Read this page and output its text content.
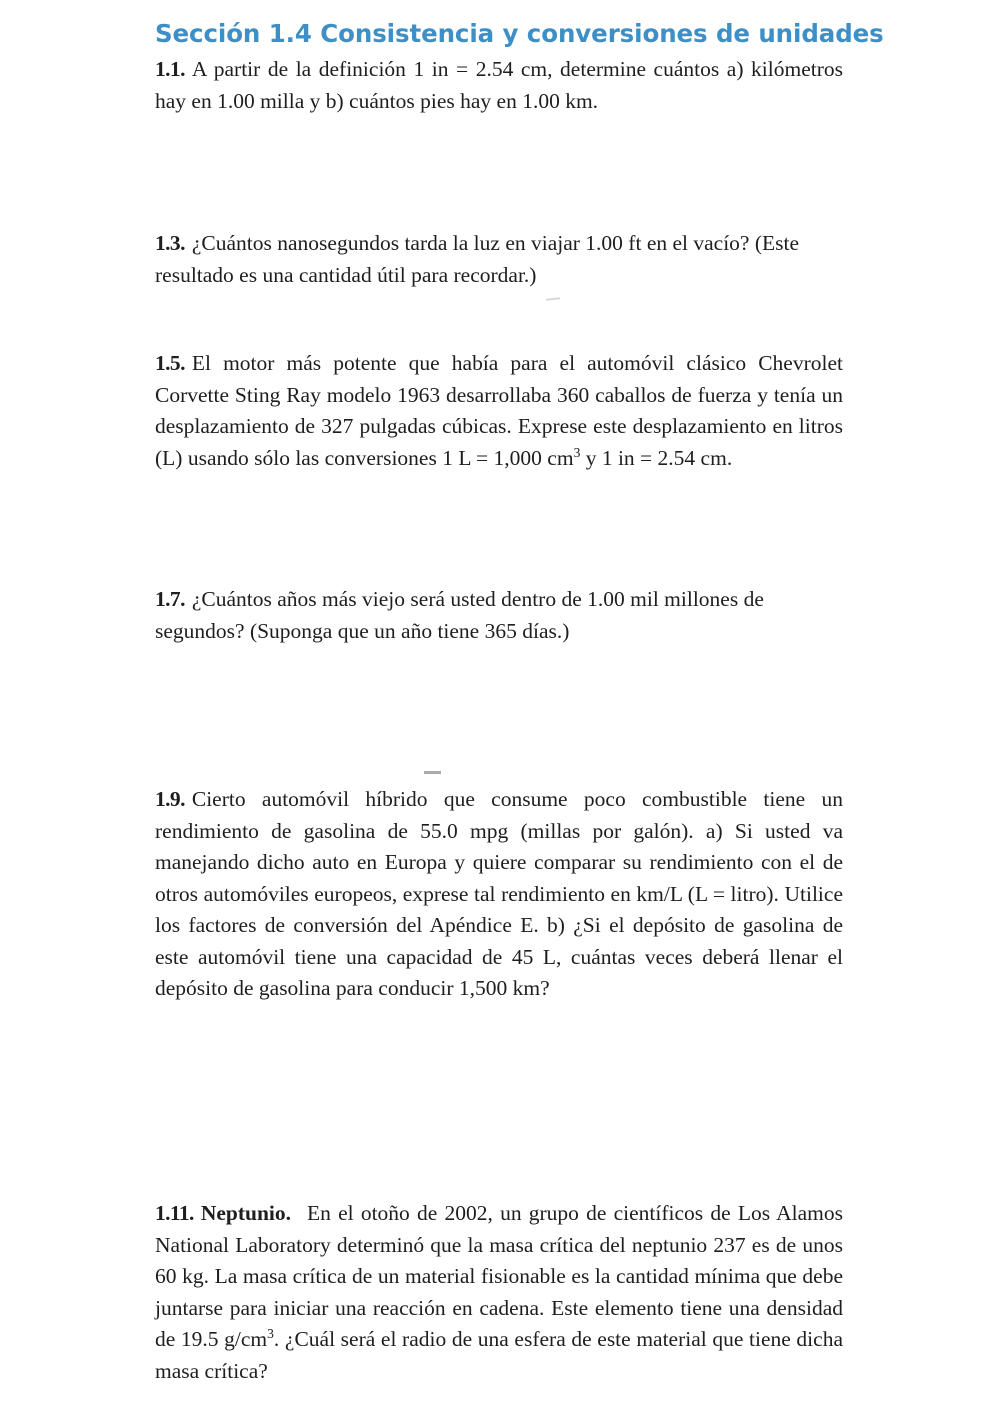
Sección 1.4 Consistencia y conversiones de unidades

1.1. A partir de la definición 1 in = 2.54 cm, determine cuántos a) kilómetros hay en 1.00 milla y b) cuántos pies hay en 1.00 km.

1.3. ¿Cuántos nanosegundos tarda la luz en viajar 1.00 ft en el vacío? (Este resultado es una cantidad útil para recordar.)

1.5. El motor más potente que había para el automóvil clásico Chevrolet Corvette Sting Ray modelo 1963 desarrollaba 360 caballos de fuerza y tenía un desplazamiento de 327 pulgadas cúbicas. Exprese este desplazamiento en litros (L) usando sólo las conversiones 1 L = 1,000 $cm^3$ y 1 in = 2.54 cm.

1.7. ¿Cuántos años más viejo será usted dentro de 1.00 mil millones de segundos? (Suponga que un año tiene 365 días.)

1.9. Cierto automóvil híbrido que consume poco combustible tiene un rendimiento de gasolina de 55.0 mpg (millas por galón). a) Si usted va manejando dicho auto en Europa y quiere comparar su rendimiento con el de otros automóviles europeos, exprese tal rendimiento en km/L (L = litro). Utilice los factores de conversión del Apéndice E. b) ¿Si el depósito de gasolina de este automóvil tiene una capacidad de 45 L, cuántas veces deberá llenar el depósito de gasolina para conducir 1,500 km?

1.11. Neptunio. En el otoño de 2002, un grupo de científicos de Los Alamos National Laboratory determinó que la masa crítica del neptunio 237 es de unos 60 kg. La masa crítica de un material fisionable es la cantidad mínima que debe juntarse para iniciar una reacción en cadena. Este elemento tiene una densidad de 19.5 $g/cm^3$. ¿Cuál será el radio de una esfera de este material que tiene dicha masa crítica?
